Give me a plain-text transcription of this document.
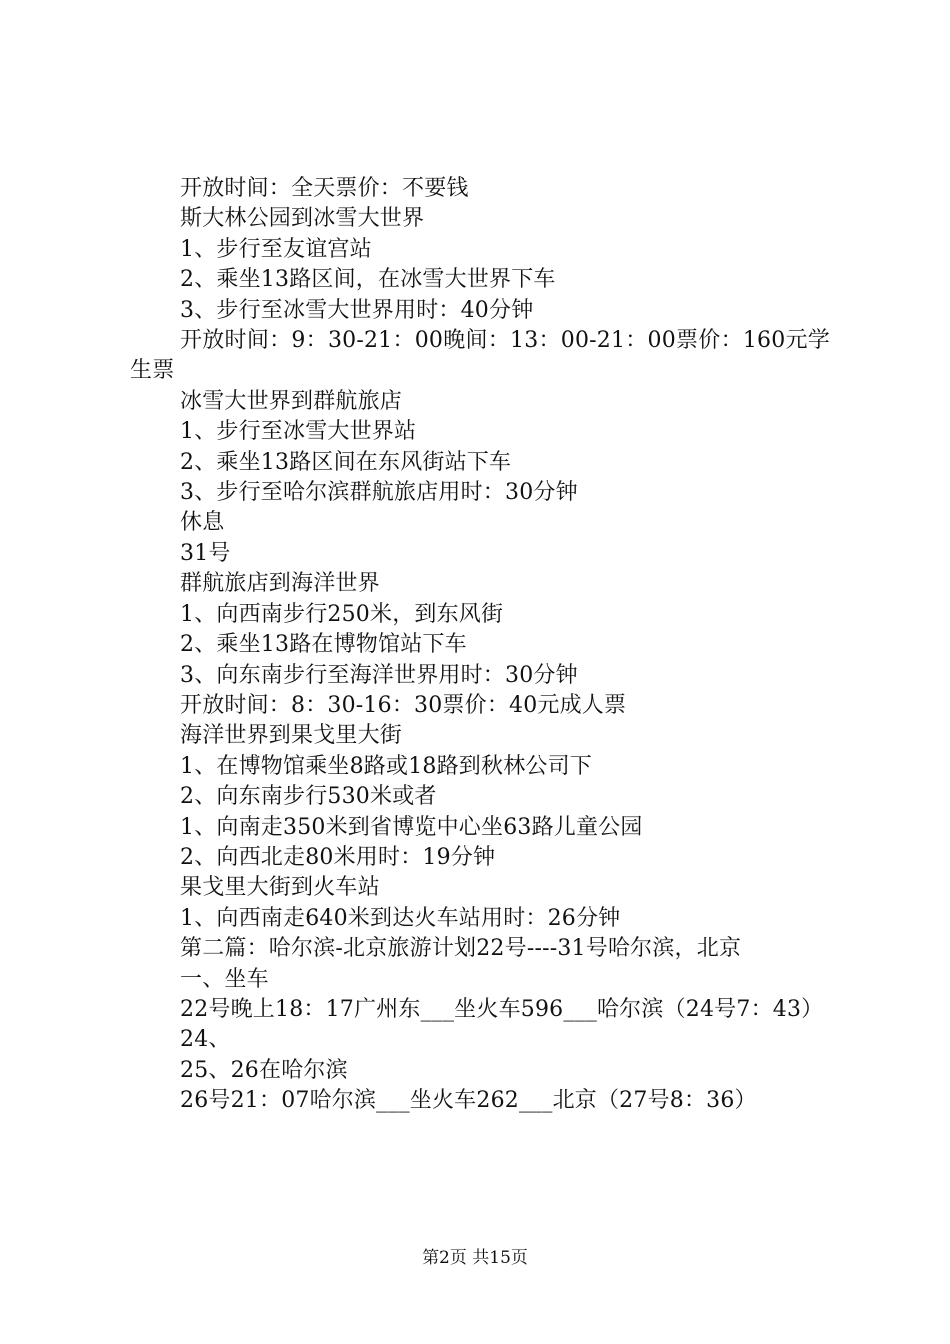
开放时间：全天票价：不要钱

斯大林公园到冰雪大世界

1、步行至友谊宫站

2、乘坐13路区间，在冰雪大世界下车

3、步行至冰雪大世界用时：40分钟

开放时间：9：30-21：00晚间：13：00-21：00票价：160元学生票

冰雪大世界到群航旅店

1、步行至冰雪大世界站

2、乘坐13路区间在东风街站下车

3、步行至哈尔滨群航旅店用时：30分钟

休息

31号

群航旅店到海洋世界

1、向西南步行250米，到东风街

2、乘坐13路在博物馆站下车

3、向东南步行至海洋世界用时：30分钟

开放时间：8：30-16：30票价：40元成人票

海洋世界到果戈里大街

1、在博物馆乘坐8路或18路到秋林公司下

2、向东南步行530米或者

1、向南走350米到省博览中心坐63路儿童公园

2、向西北走80米用时：19分钟

果戈里大街到火车站

1、向西南走640米到达火车站用时：26分钟

第二篇：哈尔滨-北京旅游计划22号----31号哈尔滨，北京

一、坐车

22号晚上18：17广州东___坐火车596___哈尔滨（24号7：43）

24、

25、26在哈尔滨

26号21：07哈尔滨___坐火车262___北京（27号8：36）

第2页 共15页
